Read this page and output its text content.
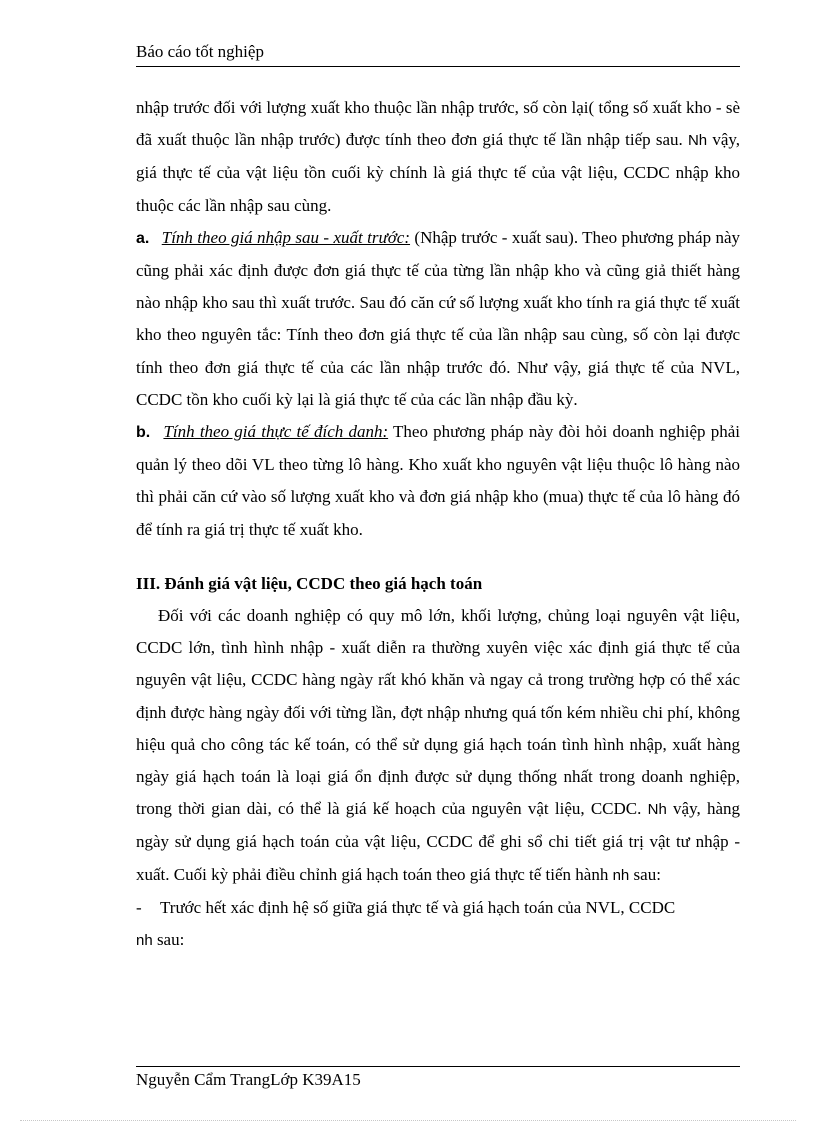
Báo cáo tốt nghiệp

nhập trước đối với lượng xuất kho thuộc lần nhập trước, số còn lại( tổng số xuất kho - sè đã xuất thuộc lần nhập trước) được tính theo đơn giá thực tế lần nhập tiếp sau. Nh vậy, giá thực tế của vật liệu tồn cuối kỳ chính là giá thực tế của vật liệu, CCDC nhập kho thuộc các lần nhập sau cùng.

a. Tính theo giá nhập sau - xuất trước: (Nhập trước - xuất sau). Theo phương pháp này cũng phải xác định được đơn giá thực tế của từng lần nhập kho và cũng giả thiết hàng nào nhập kho sau thì xuất trước. Sau đó căn cứ số lượng xuất kho tính ra giá thực tế xuất kho theo nguyên tắc: Tính theo đơn giá thực tế của lần nhập sau cùng, số còn lại được tính theo đơn giá thực tế của các lần nhập trước đó. Như vậy, giá thực tế của NVL, CCDC tồn kho cuối kỳ lại là giá thực tế của các lần nhập đầu kỳ.

b. Tính theo giá thực tế đích danh: Theo phương pháp này đòi hỏi doanh nghiệp phải quản lý theo dõi VL theo từng lô hàng. Kho xuất kho nguyên vật liệu thuộc lô hàng nào thì phải căn cứ vào số lượng xuất kho và đơn giá nhập kho (mua) thực tế của lô hàng đó để tính ra giá trị thực tế xuất kho.

III. Đánh giá vật liệu, CCDC theo giá hạch toán

Đối với các doanh nghiệp có quy mô lớn, khối lượng, chủng loại nguyên vật liệu, CCDC lớn, tình hình nhập - xuất diễn ra thường xuyên việc xác định giá thực tế của nguyên vật liệu, CCDC hàng ngày rất khó khăn và ngay cả trong trường hợp có thể xác định được hàng ngày đối với từng lần, đợt nhập nhưng quá tốn kém nhiều chi phí, không hiệu quả cho công tác kế toán, có thể sử dụng giá hạch toán tình hình nhập, xuất hàng ngày giá hạch toán là loại giá ổn định được sử dụng thống nhất trong doanh nghiệp, trong thời gian dài, có thể là giá kế hoạch của nguyên vật liệu, CCDC. Nh vậy, hàng ngày sử dụng giá hạch toán của vật liệu, CCDC để ghi sổ chi tiết giá trị vật tư nhập - xuất. Cuối kỳ phải điều chỉnh giá hạch toán theo giá thực tế tiến hành nh sau:

- Trước hết xác định hệ số giữa giá thực tế và giá hạch toán của NVL, CCDC

nh sau:

Nguyễn Cẩm TrangLớp K39A15
